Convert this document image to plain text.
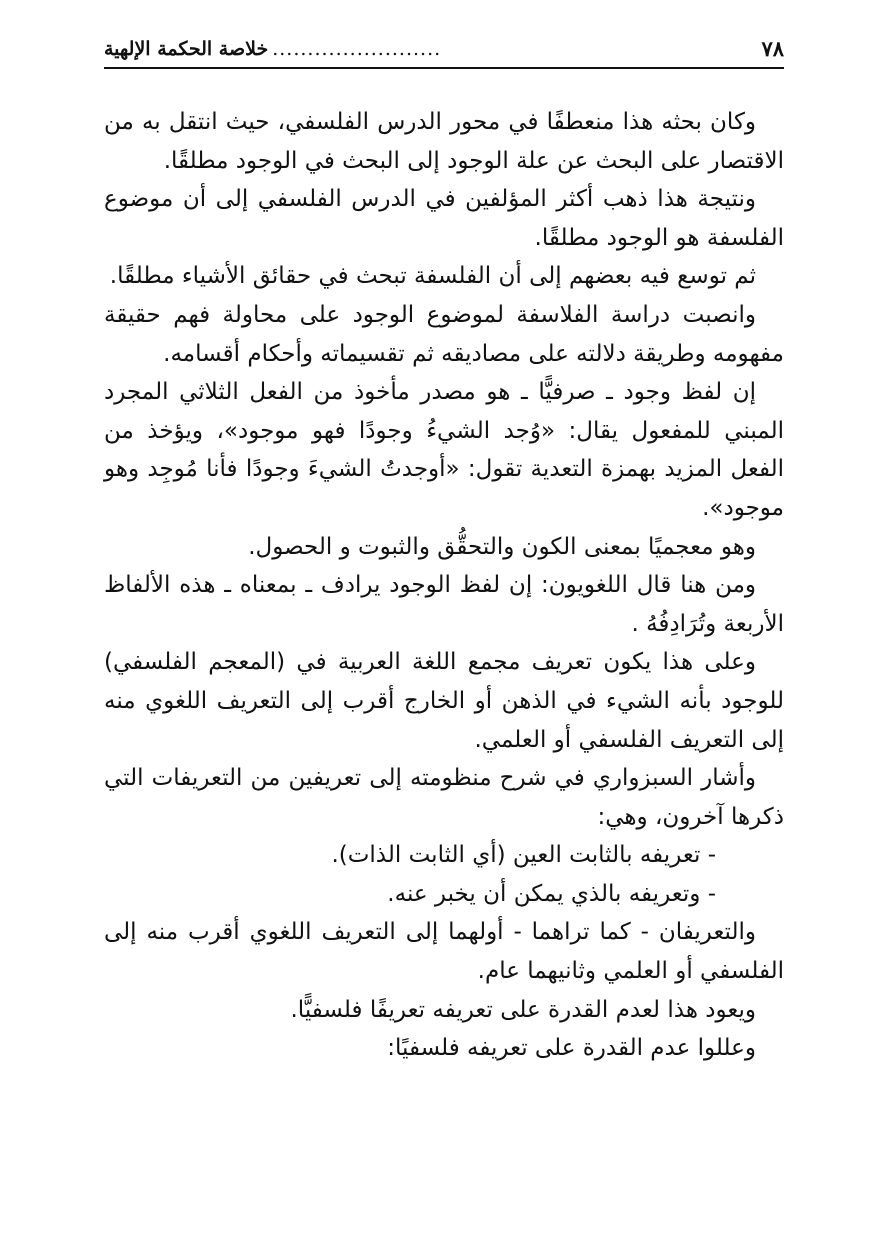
٧٨
........................
خلاصة الحكمة الإلهية

وكان بحثه هذا منعطفًا في محور الدرس الفلسفي، حيث انتقل به من الاقتصار على البحث عن علة الوجود إلى البحث في الوجود مطلقًا.

ونتيجة هذا ذهب أكثر المؤلفين في الدرس الفلسفي إلى أن موضوع الفلسفة هو الوجود مطلقًا.

ثم توسع فيه بعضهم إلى أن الفلسفة تبحث في حقائق الأشياء مطلقًا.

وانصبت دراسة الفلاسفة لموضوع الوجود على محاولة فهم حقيقة مفهومه وطريقة دلالته على مصاديقه ثم تقسيماته وأحكام أقسامه.

إن لفظ وجود ـ صرفيًّا ـ هو مصدر مأخوذ من الفعل الثلاثي المجرد المبني للمفعول يقال: «وُجد الشيءُ وجودًا فهو موجود»، ويؤخذ من الفعل المزيد بهمزة التعدية تقول: «أوجدتُ الشيءَ وجودًا فأنا مُوجِد وهو موجود».

وهو معجميًا بمعنى الكون والتحقُّق والثبوت و الحصول.

ومن هنا قال اللغويون: إن لفظ الوجود يرادف ـ بمعناه ـ هذه الألفاظ الأربعة وتُرَادِفُهُ .

وعلى هذا يكون تعريف مجمع اللغة العربية في (المعجم الفلسفي) للوجود بأنه الشيء في الذهن أو الخارج أقرب إلى التعريف اللغوي منه إلى التعريف الفلسفي أو العلمي.

وأشار السبزواري في شرح منظومته إلى تعريفين من التعريفات التي ذكرها آخرون، وهي:

- تعريفه بالثابت العين (أي الثابت الذات).

- وتعريفه بالذي يمكن أن يخبر عنه.

والتعريفان - كما تراهما - أولهما إلى التعريف اللغوي أقرب منه إلى الفلسفي أو العلمي وثانيهما عام.

ويعود هذا لعدم القدرة على تعريفه تعريفًا فلسفيًّا.

وعللوا عدم القدرة على تعريفه فلسفيًا:
